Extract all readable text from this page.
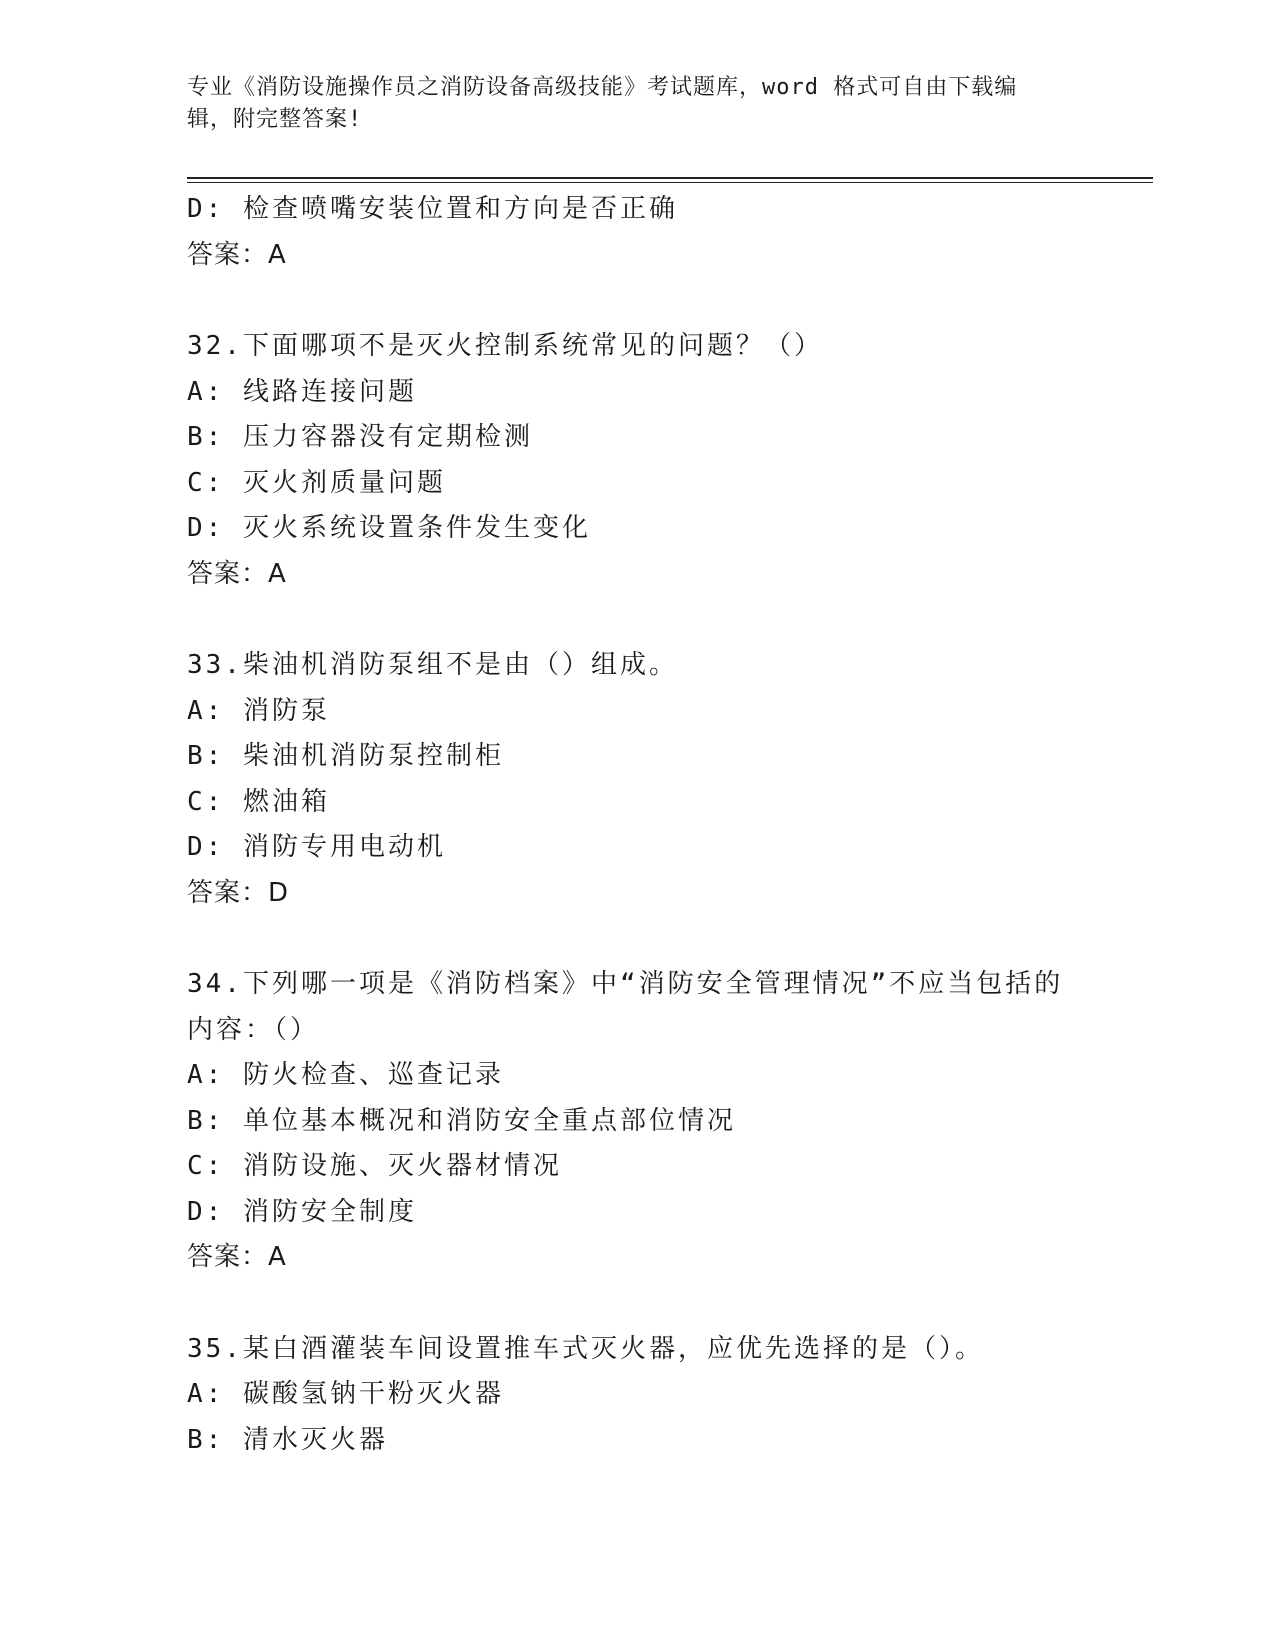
专业《消防设施操作员之消防设备高级技能》考试题库，word 格式可自由下载编
辑，附完整答案!
D: 检查喷嘴安装位置和方向是否正确
答案：A
32.下面哪项不是灭火控制系统常见的问题？（）
A: 线路连接问题
B: 压力容器没有定期检测
C: 灭火剂质量问题
D: 灭火系统设置条件发生变化
答案：A
33.柴油机消防泵组不是由（）组成。
A: 消防泵
B: 柴油机消防泵控制柜
C: 燃油箱
D: 消防专用电动机
答案：D
34.下列哪一项是《消防档案》中“消防安全管理情况”不应当包括的
内容：（）
A: 防火检查、巡查记录
B: 单位基本概况和消防安全重点部位情况
C: 消防设施、灭火器材情况
D: 消防安全制度
答案：A
35.某白酒灌装车间设置推车式灭火器，应优先选择的是（）。
A: 碳酸氢钠干粉灭火器
B: 清水灭火器
